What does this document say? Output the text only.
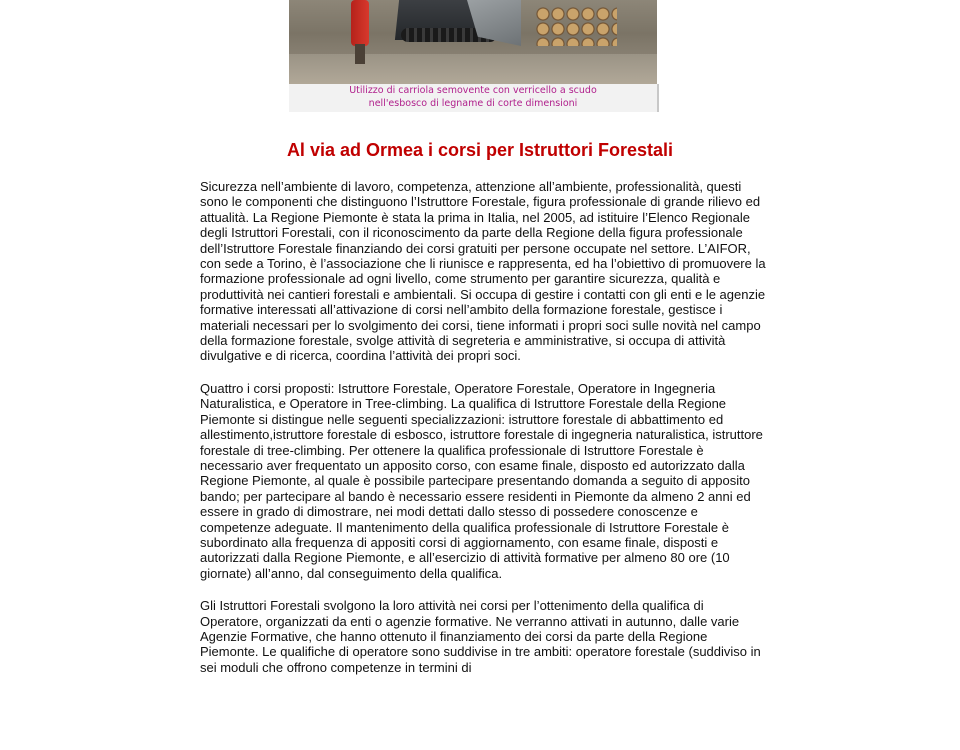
Utilizzo di carriola semovente con verricello a scudo
nell'esbosco di legname di corte dimensioni
Al via ad Ormea i corsi per Istruttori Forestali

Sicurezza nell’ambiente di lavoro, competenza, attenzione all’ambiente, professionalità, questi sono le componenti che distinguono l’Istruttore Forestale, figura professionale di grande rilievo ed attualità. La Regione Piemonte è stata la prima in Italia, nel 2005, ad istituire l’Elenco Regionale degli Istruttori Forestali, con il riconoscimento da parte della Regione della figura professionale dell’Istruttore Forestale finanziando dei corsi gratuiti per persone occupate nel settore. L’AIFOR, con sede a Torino, è l’associazione che li riunisce e rappresenta, ed ha l’obiettivo di promuovere la formazione professionale ad ogni livello, come strumento per garantire sicurezza, qualità e produttività nei cantieri forestali e ambientali. Si occupa di gestire i contatti con gli enti e le agenzie formative interessati all’attivazione di corsi nell’ambito della formazione forestale, gestisce i materiali necessari per lo svolgimento dei corsi, tiene informati i propri soci sulle novità nel campo della formazione forestale, svolge attività di segreteria e amministrative, si occupa di attività divulgative e di ricerca, coordina l’attività dei propri soci.

Quattro i corsi proposti: Istruttore Forestale, Operatore Forestale, Operatore in Ingegneria Naturalistica, e Operatore in Tree-climbing. La qualifica di Istruttore Forestale della Regione Piemonte si distingue nelle seguenti specializzazioni: istruttore forestale di abbattimento ed allestimento,istruttore forestale di esbosco, istruttore forestale di ingegneria naturalistica, istruttore forestale di tree-climbing. Per ottenere la qualifica professionale di Istruttore Forestale è necessario aver frequentato un apposito corso, con esame finale, disposto ed autorizzato dalla Regione Piemonte, al quale è possibile partecipare presentando domanda a seguito di apposito bando; per partecipare al bando è necessario essere residenti in Piemonte da almeno 2 anni ed essere in grado di dimostrare, nei modi dettati dallo stesso di possedere conoscenze e competenze adeguate. Il mantenimento della qualifica professionale di Istruttore Forestale è subordinato alla frequenza di appositi corsi di aggiornamento, con esame finale, disposti e autorizzati dalla Regione Piemonte, e all’esercizio di attività formative per almeno 80 ore (10 giornate) all’anno, dal conseguimento della qualifica.

Gli Istruttori Forestali svolgono la loro attività nei corsi per l’ottenimento della qualifica di Operatore, organizzati da enti o agenzie formative. Ne verranno attivati in autunno, dalle varie Agenzie Formative, che hanno ottenuto il finanziamento dei corsi da parte della Regione Piemonte. Le qualifiche di operatore sono suddivise in tre ambiti: operatore forestale (suddiviso in sei moduli che offrono competenze in termini di
